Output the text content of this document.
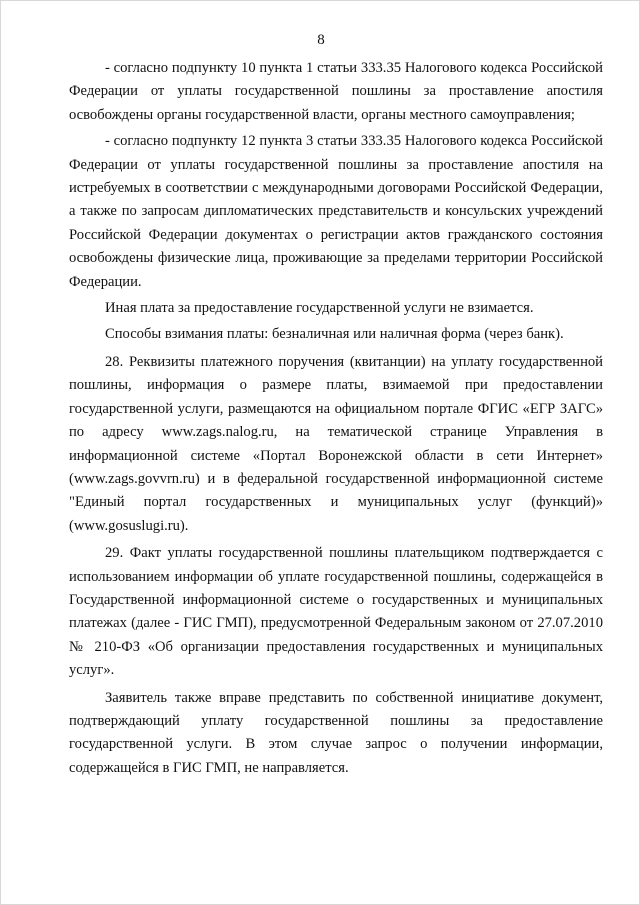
8

- согласно подпункту 10 пункта 1 статьи 333.35 Налогового кодекса Российской Федерации от уплаты государственной пошлины за проставление апостиля освобождены органы государственной власти, органы местного самоуправления;

- согласно подпункту 12 пункта 3 статьи 333.35 Налогового кодекса Российской Федерации от уплаты государственной пошлины за проставление апостиля на истребуемых в соответствии с международными договорами Российской Федерации, а также по запросам дипломатических представительств и консульских учреждений Российской Федерации документах о регистрации актов гражданского состояния освобождены физические лица, проживающие за пределами территории Российской Федерации.

Иная плата за предоставление государственной услуги не взимается.

Способы взимания платы: безналичная или наличная форма (через банк).

28. Реквизиты платежного поручения (квитанции) на уплату государственной пошлины, информация о размере платы, взимаемой при предоставлении государственной услуги, размещаются на официальном портале ФГИС «ЕГР ЗАГС» по адресу www.zags.nalog.ru, на тематической странице Управления в информационной системе «Портал Воронежской области в сети Интернет» (www.zags.govvrn.ru) и в федеральной государственной информационной системе "Единый портал государственных и муниципальных услуг (функций)» (www.gosuslugi.ru).

29. Факт уплаты государственной пошлины плательщиком подтверждается с использованием информации об уплате государственной пошлины, содержащейся в Государственной информационной системе о государственных и муниципальных платежах (далее - ГИС ГМП), предусмотренной Федеральным законом от 27.07.2010 № 210-ФЗ «Об организации предоставления государственных и муниципальных услуг».

Заявитель также вправе представить по собственной инициативе документ, подтверждающий уплату государственной пошлины за предоставление государственной услуги. В этом случае запрос о получении информации, содержащейся в ГИС ГМП, не направляется.
